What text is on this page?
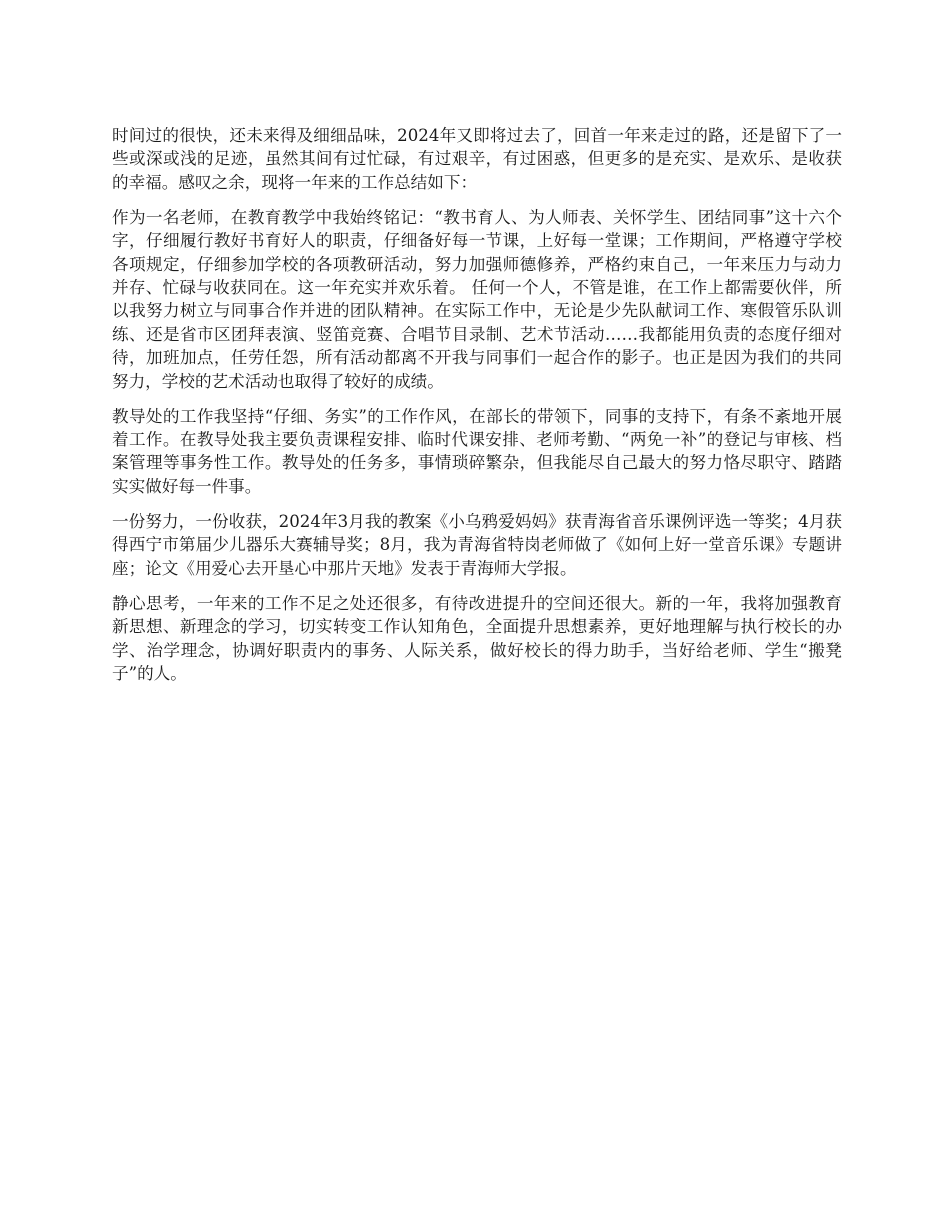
时间过的很快，还未来得及细细品味，2024年又即将过去了，回首一年来走过的路，还是留下了一些或深或浅的足迹，虽然其间有过忙碌，有过艰辛，有过困惑，但更多的是充实、是欢乐、是收获的幸福。感叹之余，现将一年来的工作总结如下：

作为一名老师，在教育教学中我始终铭记：“教书育人、为人师表、关怀学生、团结同事”这十六个字，仔细履行教好书育好人的职责，仔细备好每一节课，上好每一堂课；工作期间，严格遵守学校各项规定，仔细参加学校的各项教研活动，努力加强师德修养，严格约束自己，一年来压力与动力并存、忙碌与收获同在。这一年充实并欢乐着。 任何一个人，不管是谁，在工作上都需要伙伴，所以我努力树立与同事合作并进的团队精神。在实际工作中，无论是少先队献词工作、寒假管乐队训练、还是省市区团拜表演、竖笛竞赛、合唱节目录制、艺术节活动……我都能用负责的态度仔细对待，加班加点，任劳任怨，所有活动都离不开我与同事们一起合作的影子。也正是因为我们的共同努力，学校的艺术活动也取得了较好的成绩。

教导处的工作我坚持“仔细、务实”的工作作风，在部长的带领下，同事的支持下，有条不紊地开展着工作。在教导处我主要负责课程安排、临时代课安排、老师考勤、“两免一补”的登记与审核、档案管理等事务性工作。教导处的任务多，事情琐碎繁杂，但我能尽自己最大的努力恪尽职守、踏踏实实做好每一件事。

一份努力，一份收获，2024年3月我的教案《小乌鸦爱妈妈》获青海省音乐课例评选一等奖；4月获得西宁市第届少儿器乐大赛辅导奖；8月，我为青海省特岗老师做了《如何上好一堂音乐课》专题讲座；论文《用爱心去开垦心中那片天地》发表于青海师大学报。

静心思考，一年来的工作不足之处还很多，有待改进提升的空间还很大。新的一年，我将加强教育新思想、新理念的学习，切实转变工作认知角色，全面提升思想素养，更好地理解与执行校长的办学、治学理念，协调好职责内的事务、人际关系，做好校长的得力助手，当好给老师、学生“搬凳子”的人。
